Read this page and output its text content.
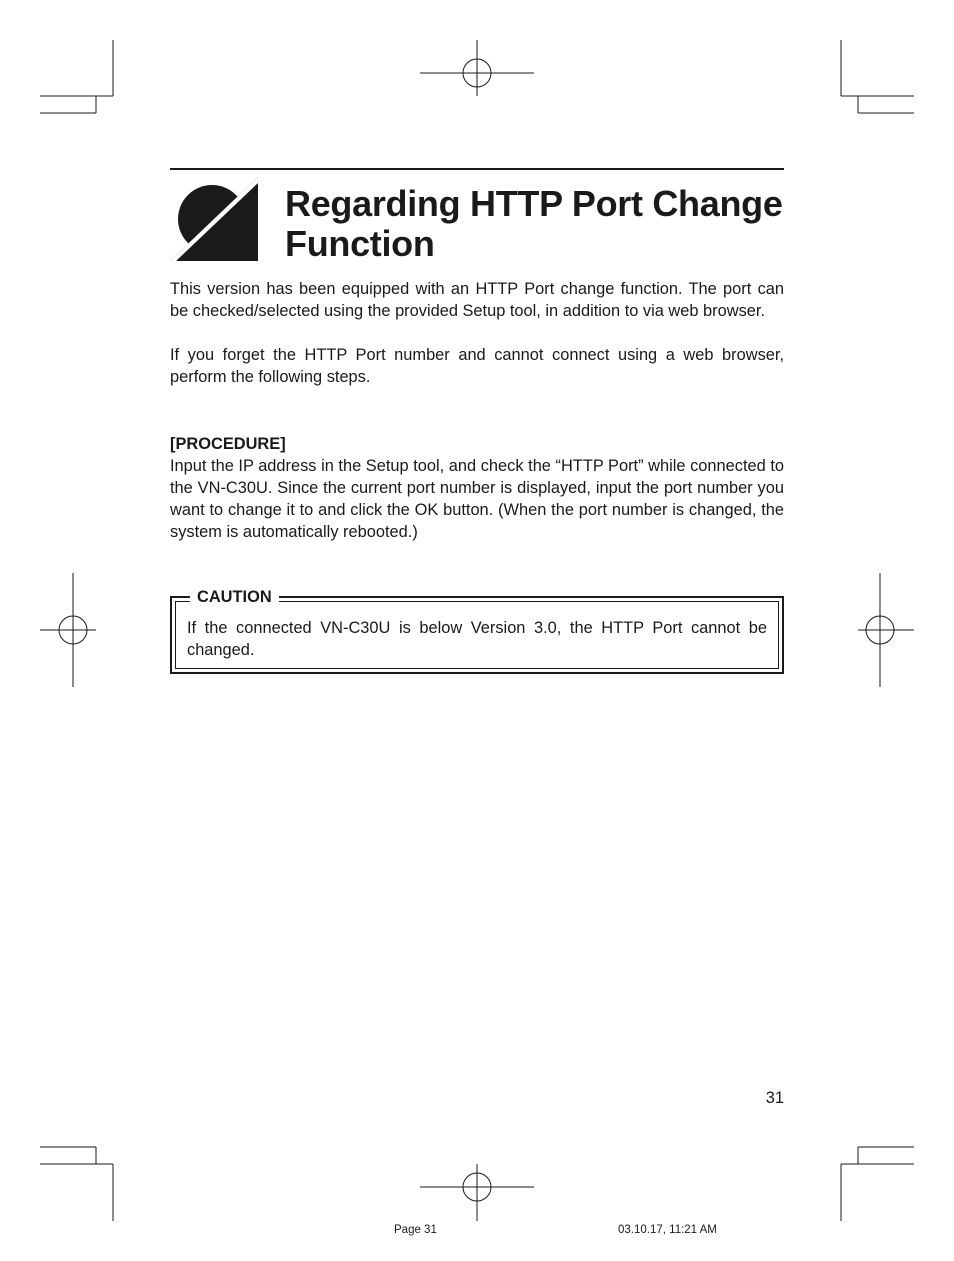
Regarding HTTP Port Change Function

This version has been equipped with an HTTP Port change function. The port can be checked/selected using the provided Setup tool, in addition to via web browser.

If you forget the HTTP Port number and cannot connect using a web browser, perform the following steps.

[PROCEDURE]

Input the IP address in the Setup tool, and check the “HTTP Port” while connected to the VN-C30U. Since the current port number is displayed, input the port number you want to change it to and click the OK button. (When the port number is changed, the system is automatically rebooted.)

CAUTION

If the connected VN-C30U is below Version 3.0, the HTTP Port cannot be changed.

31
Page 31	03.10.17, 11:21 AM
